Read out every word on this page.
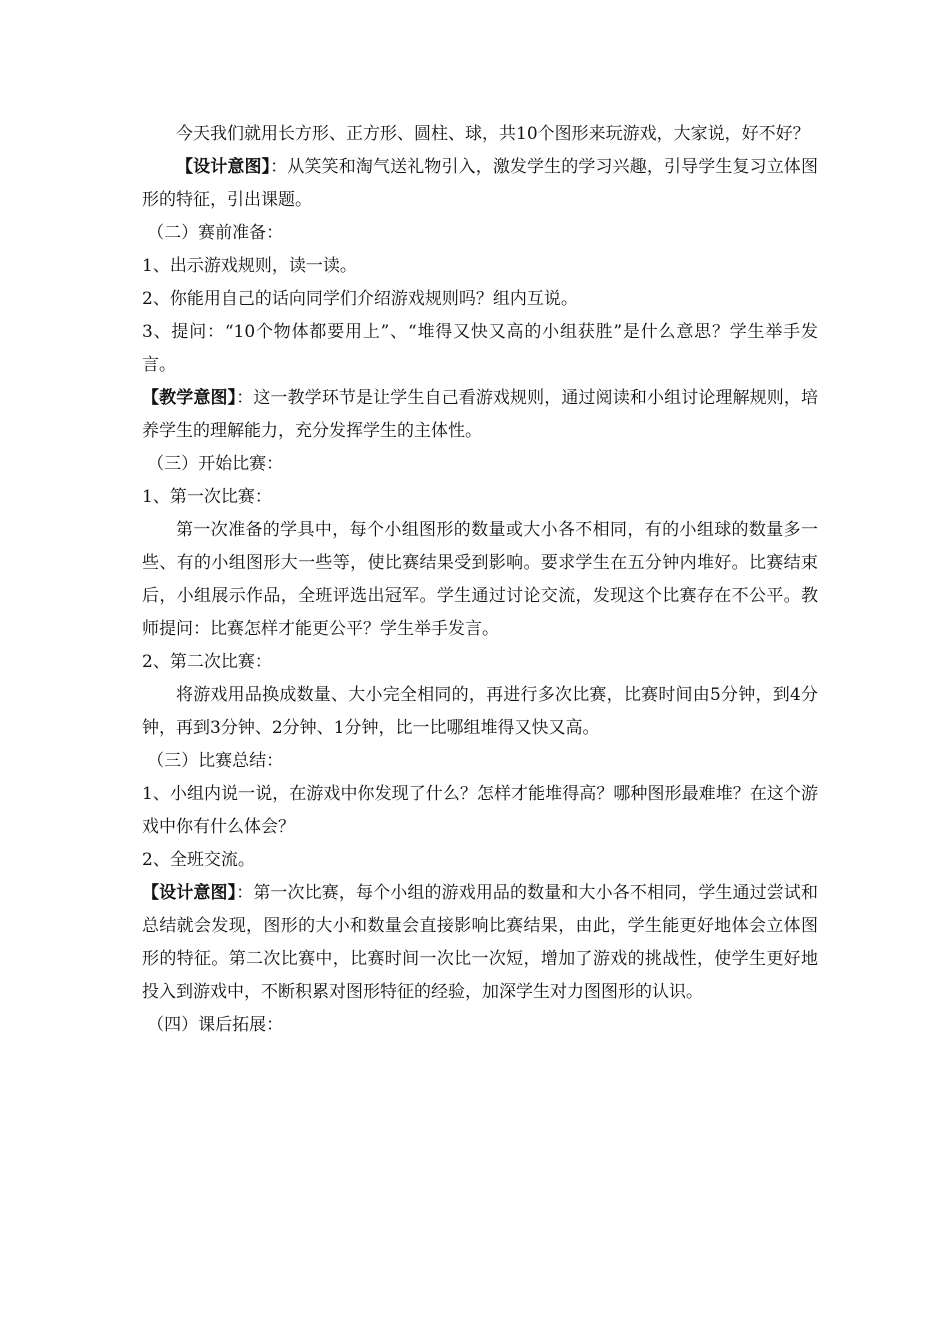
今天我们就用长方形、正方形、圆柱、球，共10个图形来玩游戏，大家说，好不好？

【设计意图】：从笑笑和淘气送礼物引入，激发学生的学习兴趣，引导学生复习立体图形的特征，引出课题。

（二）赛前准备：

1、出示游戏规则，读一读。

2、你能用自己的话向同学们介绍游戏规则吗？组内互说。

3、提问：“10个物体都要用上”、“堆得又快又高的小组获胜”是什么意思？学生举手发言。

【教学意图】：这一教学环节是让学生自己看游戏规则，通过阅读和小组讨论理解规则，培养学生的理解能力，充分发挥学生的主体性。

（三）开始比赛：

1、第一次比赛：

第一次准备的学具中，每个小组图形的数量或大小各不相同，有的小组球的数量多一些、有的小组图形大一些等，使比赛结果受到影响。要求学生在五分钟内堆好。比赛结束后，小组展示作品，全班评选出冠军。学生通过讨论交流，发现这个比赛存在不公平。教师提问：比赛怎样才能更公平？学生举手发言。

2、第二次比赛：

将游戏用品换成数量、大小完全相同的，再进行多次比赛，比赛时间由5分钟，到4分钟，再到3分钟、2分钟、1分钟，比一比哪组堆得又快又高。

（三）比赛总结：

1、小组内说一说，在游戏中你发现了什么？怎样才能堆得高？哪种图形最难堆？在这个游戏中你有什么体会？

2、全班交流。

【设计意图】：第一次比赛，每个小组的游戏用品的数量和大小各不相同，学生通过尝试和总结就会发现，图形的大小和数量会直接影响比赛结果，由此，学生能更好地体会立体图形的特征。第二次比赛中，比赛时间一次比一次短，增加了游戏的挑战性，使学生更好地投入到游戏中，不断积累对图形特征的经验，加深学生对力图图形的认识。

（四）课后拓展：
